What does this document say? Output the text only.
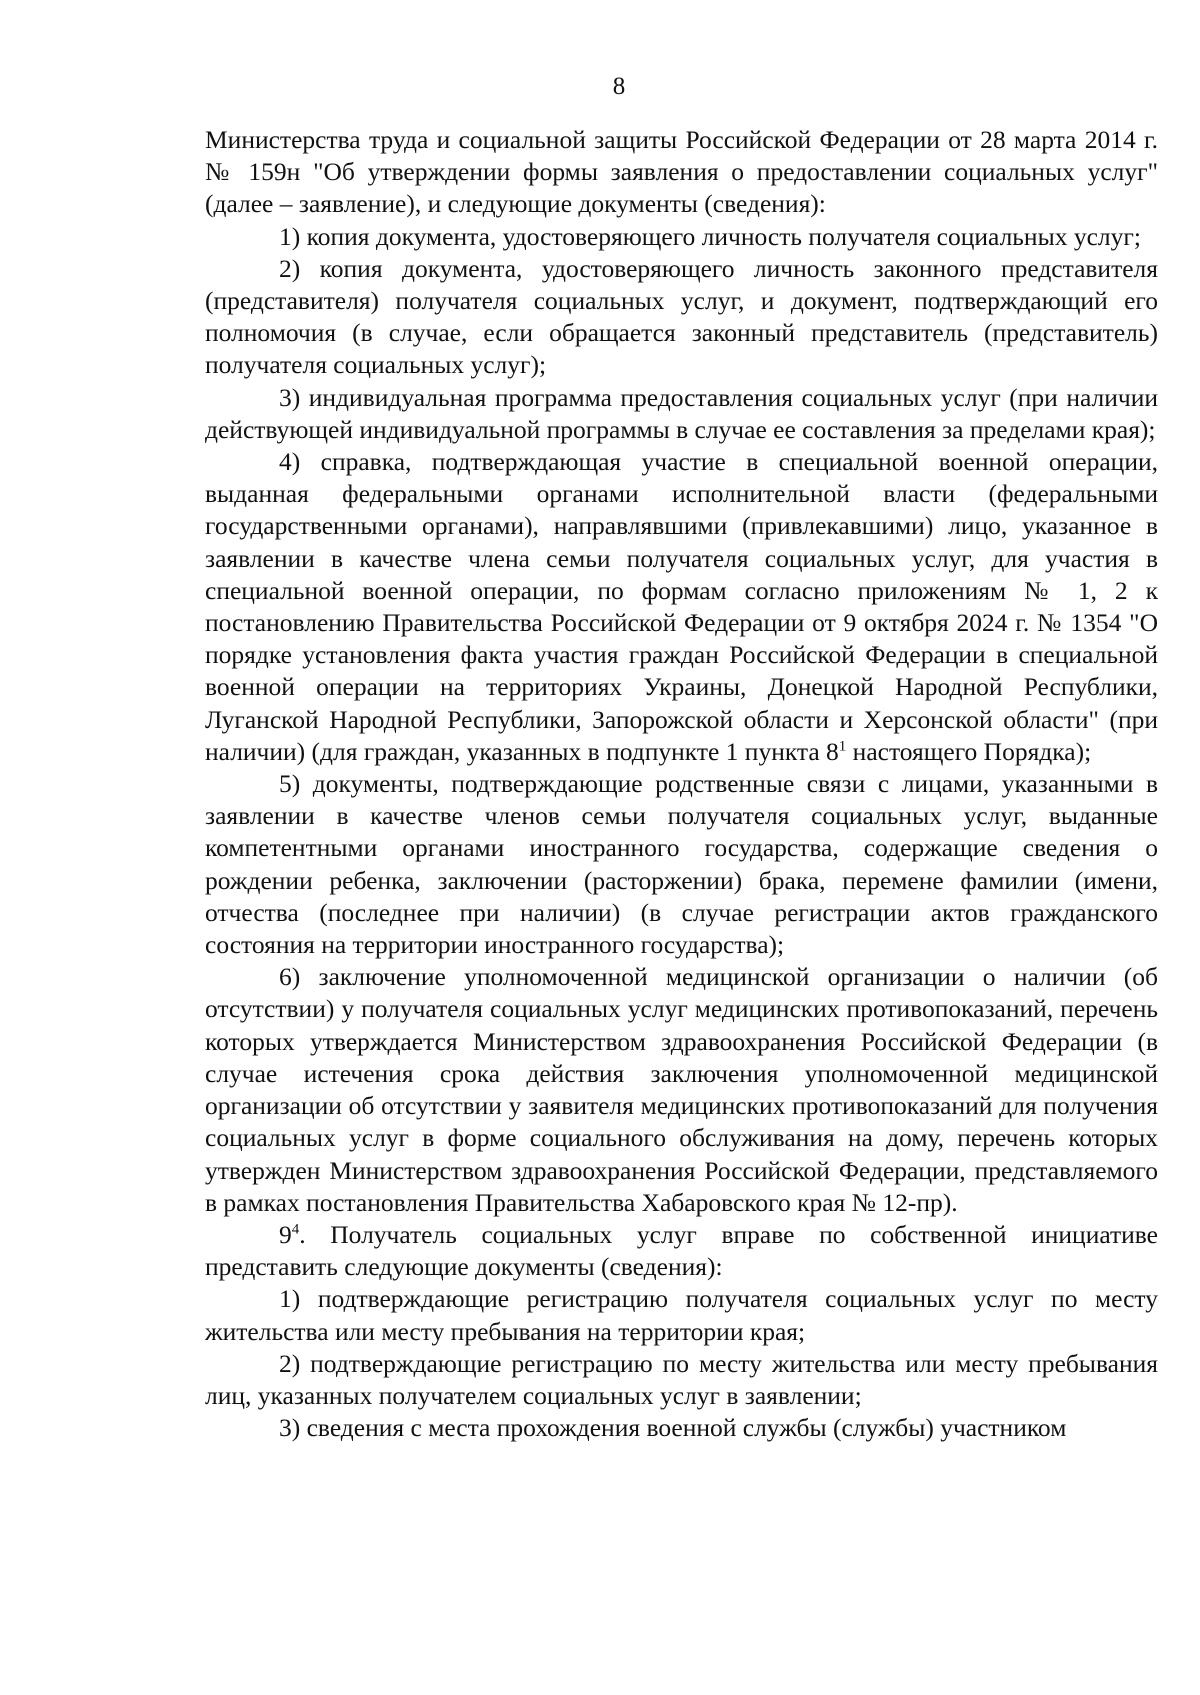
8

Министерства труда и социальной защиты Российской Федерации от 28 марта 2014 г. № 159н "Об утверждении формы заявления о предоставлении социальных услуг" (далее – заявление), и следующие документы (сведения):

1) копия документа, удостоверяющего личность получателя социальных услуг;

2) копия документа, удостоверяющего личность законного представителя (представителя) получателя социальных услуг, и документ, подтверждающий его полномочия (в случае, если обращается законный представитель (представитель) получателя социальных услуг);

3) индивидуальная программа предоставления социальных услуг (при наличии действующей индивидуальной программы в случае ее составления за пределами края);

4) справка, подтверждающая участие в специальной военной операции, выданная федеральными органами исполнительной власти (федеральными государственными органами), направлявшими (привлекавшими) лицо, указанное в заявлении в качестве члена семьи получателя социальных услуг, для участия в специальной военной операции, по формам согласно приложениям № 1, 2 к постановлению Правительства Российской Федерации от 9 октября 2024 г. № 1354 "О порядке установления факта участия граждан Российской Федерации в специальной военной операции на территориях Украины, Донецкой Народной Республики, Луганской Народной Республики, Запорожской области и Херсонской области" (при наличии) (для граждан, указанных в подпункте 1 пункта $8^1$ настоящего Порядка);

5) документы, подтверждающие родственные связи с лицами, указанными в заявлении в качестве членов семьи получателя социальных услуг, выданные компетентными органами иностранного государства, содержащие сведения о рождении ребенка, заключении (расторжении) брака, перемене фамилии (имени, отчества (последнее при наличии) (в случае регистрации актов гражданского состояния на территории иностранного государства);

6) заключение уполномоченной медицинской организации о наличии (об отсутствии) у получателя социальных услуг медицинских противопоказаний, перечень которых утверждается Министерством здравоохранения Российской Федерации (в случае истечения срока действия заключения уполномоченной медицинской организации об отсутствии у заявителя медицинских противопоказаний для получения социальных услуг в форме социального обслуживания на дому, перечень которых утвержден Министерством здравоохранения Российской Федерации, представляемого в рамках постановления Правительства Хабаровского края № 12-пр).

$9^4$. Получатель социальных услуг вправе по собственной инициативе представить следующие документы (сведения):

1) подтверждающие регистрацию получателя социальных услуг по месту жительства или месту пребывания на территории края;

2) подтверждающие регистрацию по месту жительства или месту пребывания лиц, указанных получателем социальных услуг в заявлении;

3) сведения с места прохождения военной службы (службы) участником
